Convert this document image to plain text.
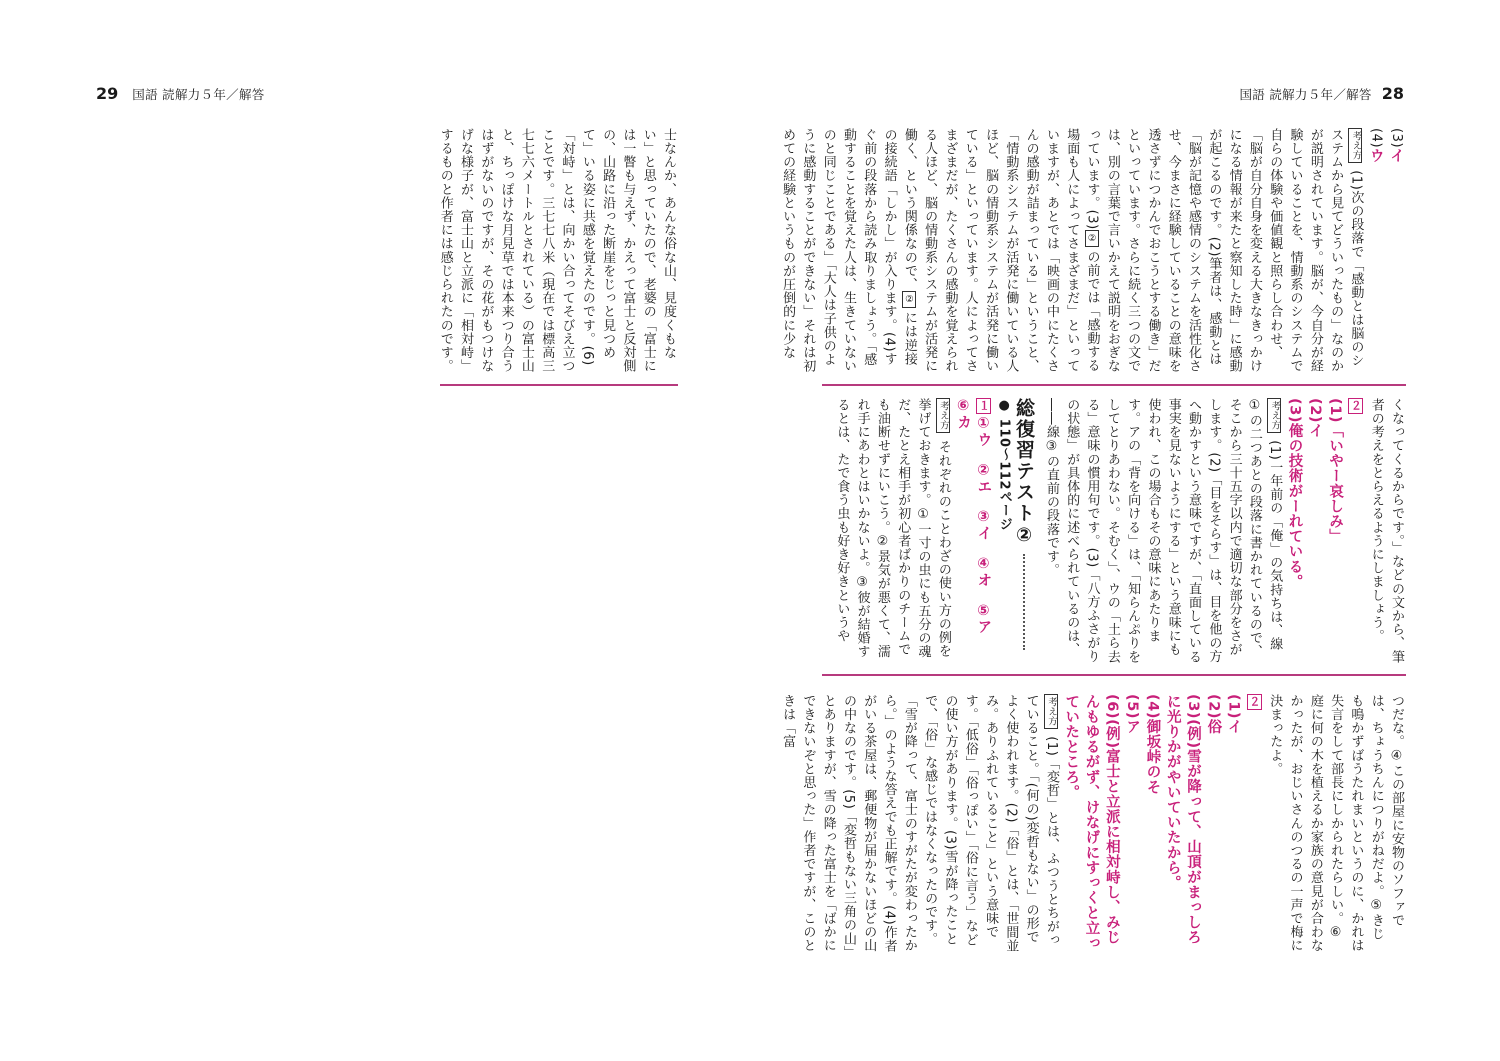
29 国語 読解力５年／解答	国語 読解力５年／解答 28

(3)イ

(4)ウ

考え方 (1)次の段落で「感動とは脳のシステムから見てどういったもの」なのかが説明されています。脳が、今自分が経験していることを、情動系のシステムで自らの体験や価値観と照らし合わせ、「脳が自分自身を変える大きなきっかけになる情報が来たと察知した時」に感動が起こるのです。(2)筆者は、感動とは「脳が記憶や感情のシステムを活性化させ、今まさに経験していることの意味を透さずにつかんでおこうとする働き」だといっています。さらに続く三つの文では、別の言葉で言いかえて説明をおぎなっています。(3)②の前では「感動する場面も人によってさまざまだ」といっていますが、あとでは「映画の中にたくさんの感動が詰まっている」ということ、「情動系システムが活発に働いている人ほど、脳の情動系システムが活発に働いている」といっています。人によってさまざまだが、たくさんの感動を覚えられる人ほど、脳の情動系システムが活発に働く、という関係なので、②には逆接の接続語「しかし」が入ります。(4)すぐ前の段落から読み取りましょう。「感動することを覚えた人は、生きていないのと同じことである」「大人は子供のように感動することができない」それは初めての経験というものが圧倒的に少な

士なんか、あんな俗な山、見度くもない」と思っていたので、老婆の「富士には一瞥も与えず、かえって富士と反対側の、山路に沿った断崖をじっと見つめて」いる姿に共感を覚えたのです。(6)「対峙」とは、向かい合ってそびえ立つことです。三七七八米（現在では標高三七七六メートルとされている）の富士山と、ちっぽけな月見草では本来つり合うはずがないのですが、その花がもつけなげな様子が、富士山と立派に「相対峙」するものと作者には感じられたのです。

くなってくるからです。」などの文から、筆者の考えをとらえるようにしましょう。

２

(1)「いやー哀しみ」

(2)イ

(3)俺の技術がーれている。

考え方 (1)一年前の「俺」の気持ちは、線①の二つあとの段落に書かれているので、そこから三十五字以内で適切な部分をさがします。(2)「目をそらす」は、目を他の方へ動かすという意味ですが、「直面している事実を見ないようにする」という意味にも使われ、この場合もその意味にあたります。アの「背を向ける」は、「知らんぷりをしてとりあわない。そむく」、ウの「土ら去る」意味の慣用句です。(3)「八方ふさがりの状態」が具体的に述べられているのは、――線③の直前の段落です。

総復習テスト②

● 110〜112ページ

１①ウ　②エ　③イ　④オ　⑤ア　⑥カ

考え方 それぞれのことわざの使い方の例を挙げておきます。①一寸の虫にも五分の魂だ、たとえ相手が初心者ばかりのチームでも油断せずにいこう。②景気が悪くて、濡れ手にあわとはいかないよ。③彼が結婚するとは、たで食う虫も好き好きというや

つだな。④この部屋に安物のソファでは、ちょうちんにつりがねだよ。⑤きじも鳴かずばうたれまいというのに、かれは失言をして部長にしかられたらしい。⑥庭に何の木を植えるか家族の意見が合わなかったが、おじいさんのつるの一声で梅に決まったよ。

２

(1)イ

(2)俗

(3)(例)雪が降って、山頂がまっしろに光りかがやいていたから。

(4)御坂峠のそ

(5)ア

(6)(例)富士と立派に相対峙し、みじんもゆるがず、けなげにすっくと立っていたところ。

考え方 (1)「変哲」とは、ふつうとちがっていること。「(何の)変哲もない」の形でよく使われます。(2)「俗」とは、「世間並み。ありふれていること」という意味です。「低俗」「俗っぽい」「俗に言う」などの使い方があります。(3)雪が降ったことで、「俗」な感じではなくなったのです。「雪が降って、富士のすがたが変わったから。」のような答えでも正解です。(4)作者がいる茶屋は、郵便物が届かないほどの山の中なのです。(5)「変哲もない三角の山」とありますが、雪の降った富士を「ばかにできないぞと思った」作者ですが、このときは「富
